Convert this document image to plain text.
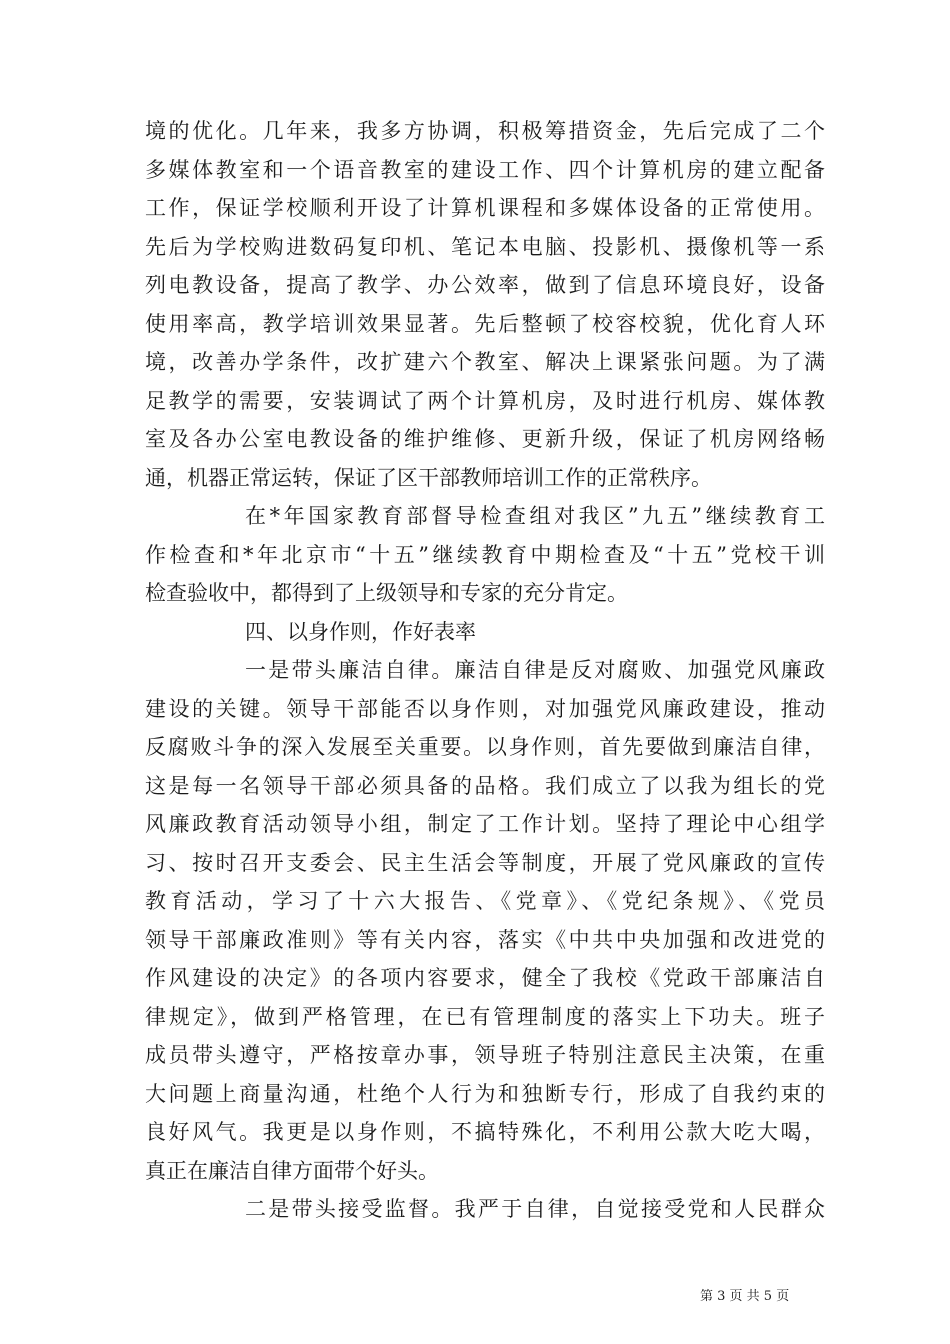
境的优化。几年来，我多方协调，积极筹措资金，先后完成了二个
多媒体教室和一个语音教室的建设工作、四个计算机房的建立配备
工作，保证学校顺利开设了计算机课程和多媒体设备的正常使用。
先后为学校购进数码复印机、笔记本电脑、投影机、摄像机等一系
列电教设备，提高了教学、办公效率，做到了信息环境良好，设备
使用率高，教学培训效果显著。先后整顿了校容校貌，优化育人环
境，改善办学条件，改扩建六个教室、解决上课紧张问题。为了满
足教学的需要，安装调试了两个计算机房，及时进行机房、媒体教
室及各办公室电教设备的维护维修、更新升级，保证了机房网络畅
通，机器正常运转，保证了区干部教师培训工作的正常秩序。
在*年国家教育部督导检查组对我区”九五”继续教育工
作检查和*年北京市“十五”继续教育中期检查及“十五”党校干训
检查验收中，都得到了上级领导和专家的充分肯定。
四、以身作则，作好表率
一是带头廉洁自律。廉洁自律是反对腐败、加强党风廉政
建设的关键。领导干部能否以身作则，对加强党风廉政建设，推动
反腐败斗争的深入发展至关重要。以身作则，首先要做到廉洁自律，
这是每一名领导干部必须具备的品格。我们成立了以我为组长的党
风廉政教育活动领导小组，制定了工作计划。坚持了理论中心组学
习、按时召开支委会、民主生活会等制度，开展了党风廉政的宣传
教育活动，学习了十六大报告、《党章》、《党纪条规》、《党员
领导干部廉政准则》等有关内容，落实《中共中央加强和改进党的
作风建设的决定》的各项内容要求，健全了我校《党政干部廉洁自
律规定》，做到严格管理，在已有管理制度的落实上下功夫。班子
成员带头遵守，严格按章办事，领导班子特别注意民主决策，在重
大问题上商量沟通，杜绝个人行为和独断专行，形成了自我约束的
良好风气。我更是以身作则，不搞特殊化，不利用公款大吃大喝，
真正在廉洁自律方面带个好头。
二是带头接受监督。我严于自律，自觉接受党和人民群众
第 3 页 共 5 页
